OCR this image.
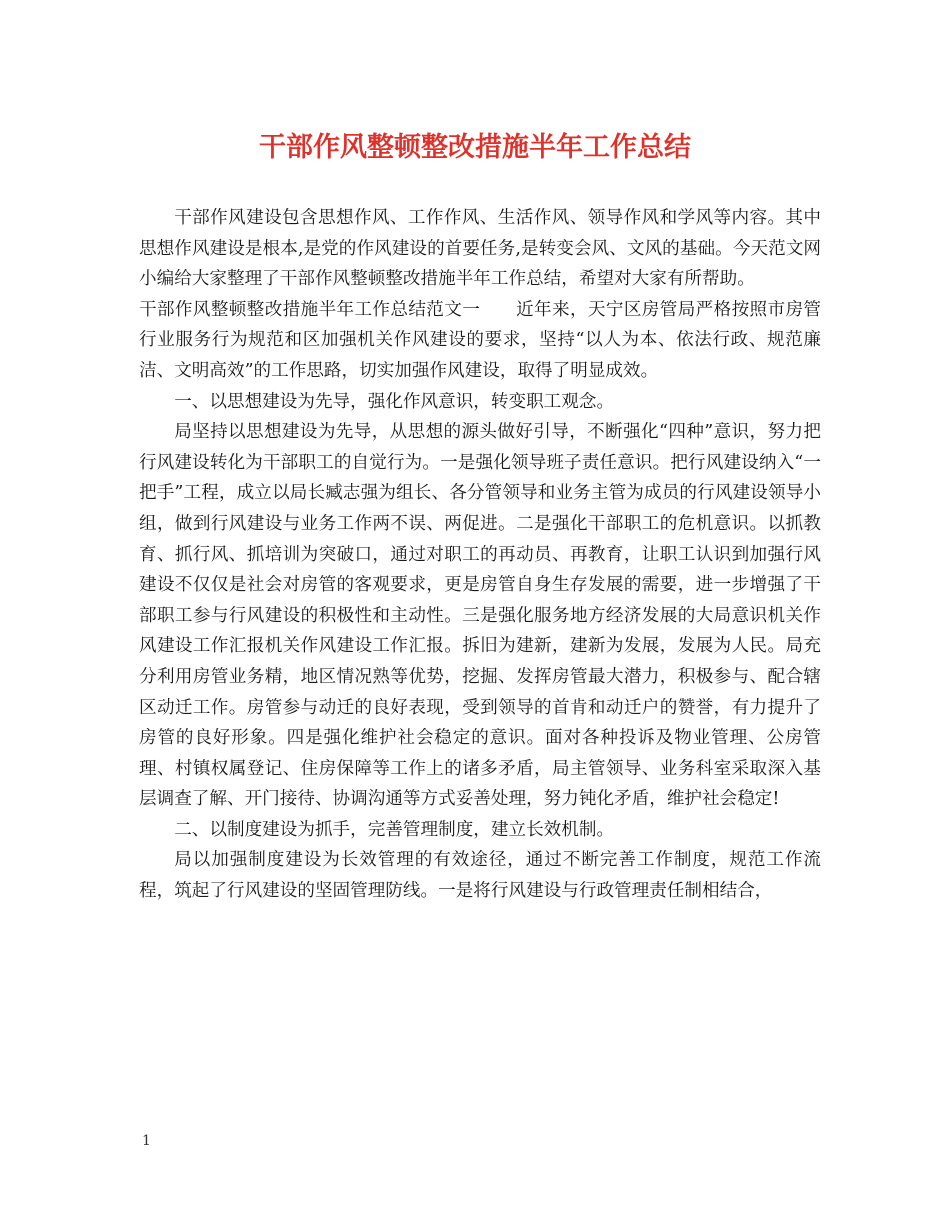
干部作风整顿整改措施半年工作总结

干部作风建设包含思想作风、工作作风、生活作风、领导作风和学风等内容。其中思想作风建设是根本,是党的作风建设的首要任务,是转变会风、文风的基础。今天范文网小编给大家整理了干部作风整顿整改措施半年工作总结，希望对大家有所帮助。

干部作风整顿整改措施半年工作总结范文一　　近年来，天宁区房管局严格按照市房管行业服务行为规范和区加强机关作风建设的要求，坚持“以人为本、依法行政、规范廉洁、文明高效”的工作思路，切实加强作风建设，取得了明显成效。

一、以思想建设为先导，强化作风意识，转变职工观念。

局坚持以思想建设为先导，从思想的源头做好引导，不断强化“四种”意识，努力把行风建设转化为干部职工的自觉行为。一是强化领导班子责任意识。把行风建设纳入“一把手”工程，成立以局长臧志强为组长、各分管领导和业务主管为成员的行风建设领导小组，做到行风建设与业务工作两不误、两促进。二是强化干部职工的危机意识。以抓教育、抓行风、抓培训为突破口，通过对职工的再动员、再教育，让职工认识到加强行风建设不仅仅是社会对房管的客观要求，更是房管自身生存发展的需要，进一步增强了干部职工参与行风建设的积极性和主动性。三是强化服务地方经济发展的大局意识机关作风建设工作汇报机关作风建设工作汇报。拆旧为建新，建新为发展，发展为人民。局充分利用房管业务精，地区情况熟等优势，挖掘、发挥房管最大潜力，积极参与、配合辖区动迁工作。房管参与动迁的良好表现，受到领导的首肯和动迁户的赞誉，有力提升了房管的良好形象。四是强化维护社会稳定的意识。面对各种投诉及物业管理、公房管理、村镇权属登记、住房保障等工作上的诸多矛盾，局主管领导、业务科室采取深入基层调查了解、开门接待、协调沟通等方式妥善处理，努力钝化矛盾，维护社会稳定!

二、以制度建设为抓手，完善管理制度，建立长效机制。

局以加强制度建设为长效管理的有效途径，通过不断完善工作制度，规范工作流程，筑起了行风建设的坚固管理防线。一是将行风建设与行政管理责任制相结合，

1
